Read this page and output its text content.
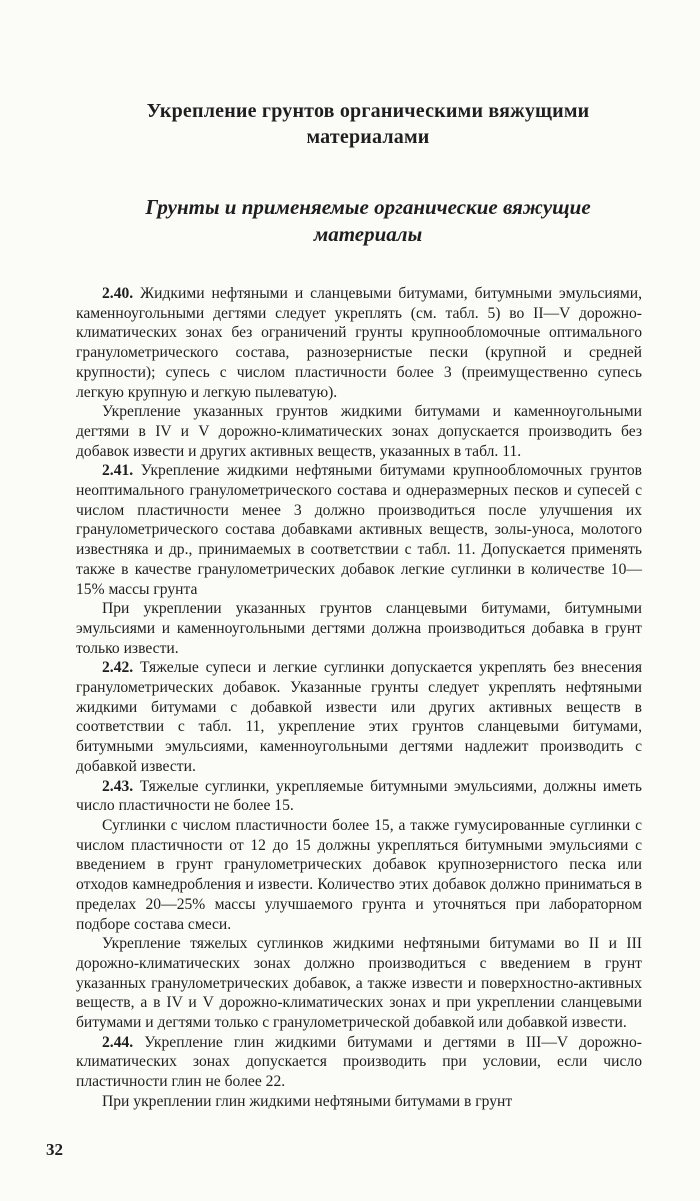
Укрепление грунтов органическими вяжущими материалами
Грунты и применяемые органические вяжущие материалы

2.40. Жидкими нефтяными и сланцевыми битумами, битумными эмульсиями, каменноугольными дегтями следует укреплять (см. табл. 5) во II—V дорожно-климатических зонах без ограничений грунты крупнообломочные оптимального гранулометрического состава, разнозернистые пески (крупной и средней крупности); супесь с числом пластичности более 3 (преимущественно супесь легкую крупную и легкую пылеватую).

Укрепление указанных грунтов жидкими битумами и каменноугольными дегтями в IV и V дорожно-климатических зонах допускается производить без добавок извести и других активных веществ, указанных в табл. 11.

2.41. Укрепление жидкими нефтяными битумами крупнообломочных грунтов неоптимального гранулометрического состава и однеразмерных песков и супесей с числом пластичности менее 3 должно производиться после улучшения их гранулометрического состава добавками активных веществ, золы-уноса, молотого известняка и др., принимаемых в соответствии с табл. 11. Допускается применять также в качестве гранулометрических добавок легкие суглинки в количестве 10—15% массы грунта

При укреплении указанных грунтов сланцевыми битумами, битумными эмульсиями и каменноугольными дегтями должна производиться добавка в грунт только извести.

2.42. Тяжелые супеси и легкие суглинки допускается укреплять без внесения гранулометрических добавок. Указанные грунты следует укреплять нефтяными жидкими битумами с добавкой извести или других активных веществ в соответствии с табл. 11, укрепление этих грунтов сланцевыми битумами, битумными эмульсиями, каменноугольными дегтями надлежит производить с добавкой извести.

2.43. Тяжелые суглинки, укрепляемые битумными эмульсиями, должны иметь число пластичности не более 15.

Суглинки с числом пластичности более 15, а также гумусированные суглинки с числом пластичности от 12 до 15 должны укрепляться битумными эмульсиями с введением в грунт гранулометрических добавок крупнозернистого песка или отходов камнедробления и извести. Количество этих добавок должно приниматься в пределах 20—25% массы улучшаемого грунта и уточняться при лабораторном подборе состава смеси.

Укрепление тяжелых суглинков жидкими нефтяными битумами во II и III дорожно-климатических зонах должно производиться с введением в грунт указанных гранулометрических добавок, а также извести и поверхностно-активных веществ, а в IV и V дорожно-климатических зонах и при укреплении сланцевыми битумами и дегтями только с гранулометрической добавкой или добавкой извести.

2.44. Укрепление глин жидкими битумами и дегтями в III—V дорожно-климатических зонах допускается производить при условии, если число пластичности глин не более 22.

При укреплении глин жидкими нефтяными битумами в грунт

32
